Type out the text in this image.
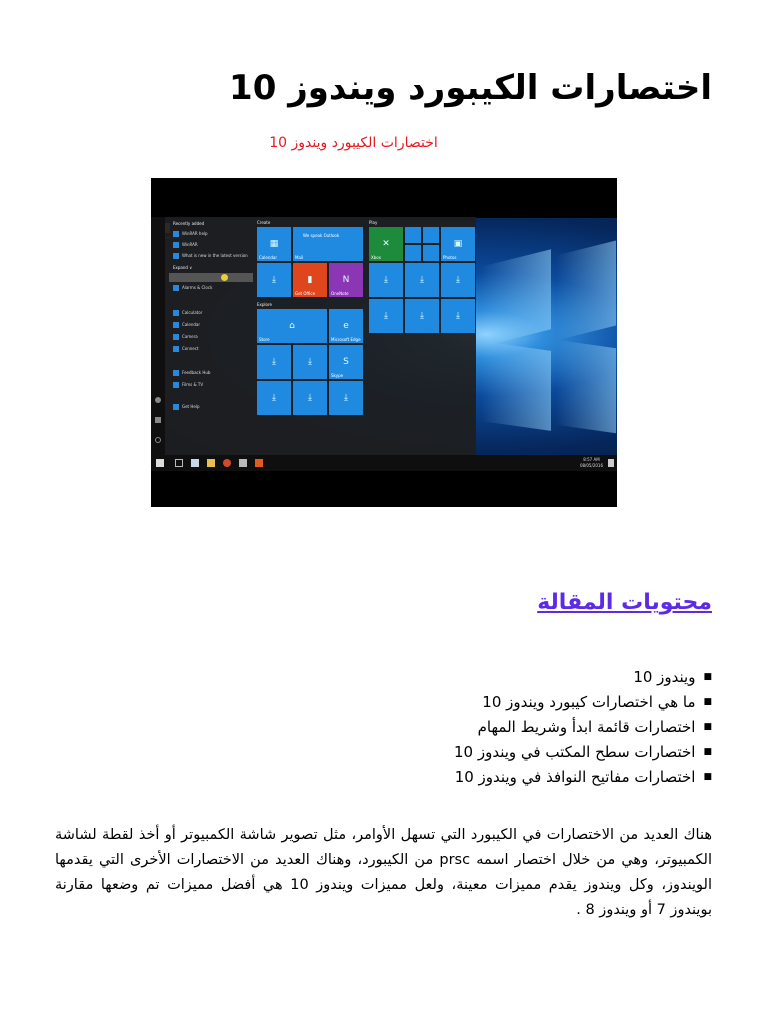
اختصارات الكيبورد ويندوز 10
اختصارات الكيبورد ويندوز 10
Recently added
WinRAR help
WinRAR
What is new in the latest version
Expand ∨
Alarms & Clock
Calculator
Calendar
Camera
Connect
Feedback Hub
Films & TV
Get Help
Create	Play
Explore
▦
Calendar
We speak Outlook
Mail
⤓	▮
Get Office
N
OneNote
✕
Xbox
▣
Photos
⤓	⤓	⤓
⤓	⤓	⤓
⌂
Store
e
Microsoft Edge
⤓	⤓	S
Skype
⤓	⤓	⤓
8:57 AM
08/05/2016
محتويات المقالة
■ويندوز 10
■ما هي اختصارات كيبورد ويندوز 10
■اختصارات قائمة ابدأ وشريط المهام
■اختصارات سطح المكتب في ويندوز 10
■اختصارات مفاتيح النوافذ في ويندوز 10

هناك العديد من الاختصارات في الكيبورد التي تسهل الأوامر، مثل تصوير شاشة الكمبيوتر أو أخذ لقطة لشاشة الكمبيوتر، وهي من خلال اختصار اسمه prsc من الكيبورد، وهناك العديد من الاختصارات الأخرى التي يقدمها الويندوز، وكل ويندوز يقدم مميزات معينة، ولعل مميزات ويندوز 10 هي أفضل مميزات تم وضعها مقارنة بويندوز 7 أو ويندوز 8 .
